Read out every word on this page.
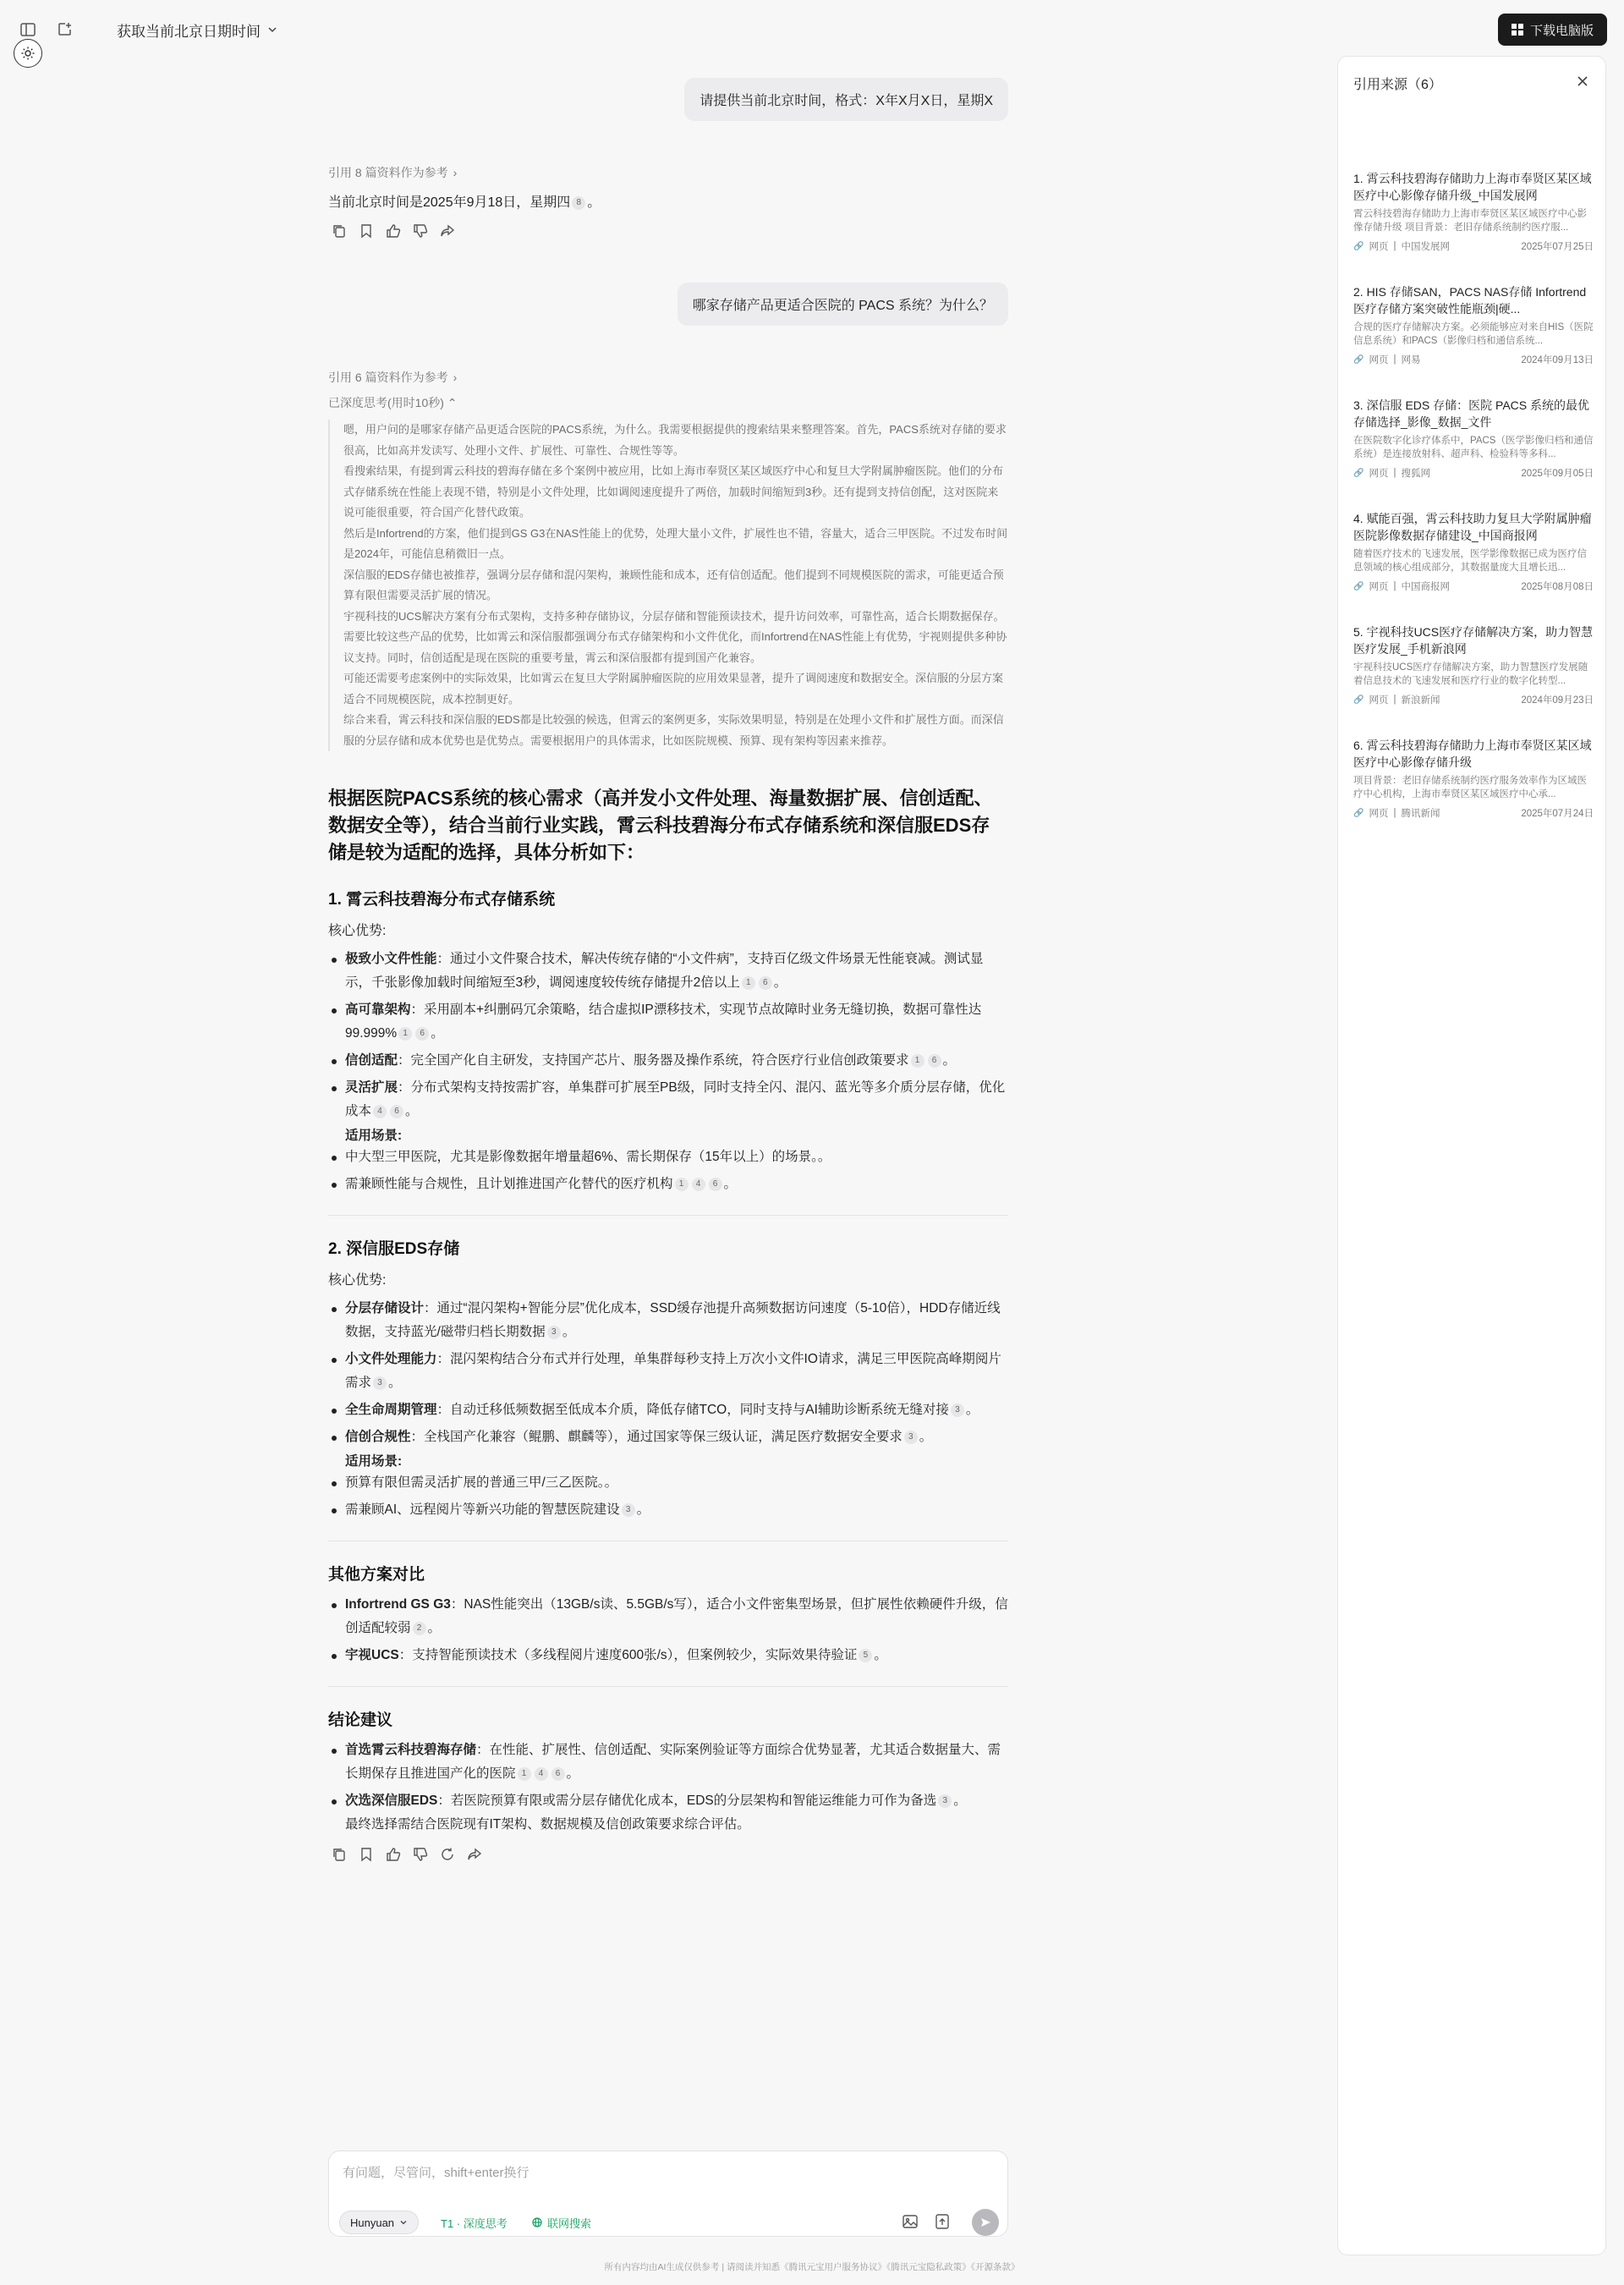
获取当前北京日期时间	下载电脑版
请提供当前北京时间，格式：X年X月X日，星期X
引用 8 篇资料作为参考 ›
当前北京时间是2025年9月18日，星期四 8 。
哪家存储产品更适合医院的 PACS 系统？为什么？
引用 6 篇资料作为参考 ›
已深度思考(用时10秒) ⌃

嗯，用户问的是哪家存储产品更适合医院的PACS系统，为什么。我需要根据提供的搜索结果来整理答案。首先，PACS系统对存储的要求很高，比如高并发读写、处理小文件、扩展性、可靠性、合规性等等。

看搜索结果，有提到霄云科技的碧海存储在多个案例中被应用，比如上海市奉贤区某区域医疗中心和复旦大学附属肿瘤医院。他们的分布式存储系统在性能上表现不错，特别是小文件处理，比如调阅速度提升了两倍，加载时间缩短到3秒。还有提到支持信创配，这对医院来说可能很重要，符合国产化替代政策。

然后是Infortrend的方案，他们提到GS G3在NAS性能上的优势，处理大量小文件，扩展性也不错，容量大，适合三甲医院。不过发布时间是2024年，可能信息稍微旧一点。

深信服的EDS存储也被推荐，强调分层存储和混闪架构，兼顾性能和成本，还有信创适配。他们提到不同规模医院的需求，可能更适合预算有限但需要灵活扩展的情况。

宇视科技的UCS解决方案有分布式架构，支持多种存储协议，分层存储和智能预读技术，提升访问效率，可靠性高，适合长期数据保存。

需要比较这些产品的优势，比如霄云和深信服都强调分布式存储架构和小文件优化，而Infortrend在NAS性能上有优势，宇视则提供多种协议支持。同时，信创适配是现在医院的重要考量，霄云和深信服都有提到国产化兼容。

可能还需要考虑案例中的实际效果，比如霄云在复旦大学附属肿瘤医院的应用效果显著，提升了调阅速度和数据安全。深信服的分层方案适合不同规模医院，成本控制更好。

综合来看，霄云科技和深信服的EDS都是比较强的候选，但霄云的案例更多，实际效果明显，特别是在处理小文件和扩展性方面。而深信服的分层存储和成本优势也是优势点。需要根据用户的具体需求，比如医院规模、预算、现有架构等因素来推荐。

根据医院PACS系统的核心需求（高并发小文件处理、海量数据扩展、信创适配、数据安全等），结合当前行业实践，霄云科技碧海分布式存储系统和深信服EDS存储是较为适配的选择，具体分析如下：
1. 霄云科技碧海分布式存储系统
核心优势:
极致小文件性能：通过小文件聚合技术，解决传统存储的“小文件病”，支持百亿级文件场景无性能衰减。测试显示，千张影像加载时间缩短至3秒，调阅速度较传统存储提升2倍以上 1 6 。
高可靠架构：采用副本+纠删码冗余策略，结合虚拟IP漂移技术，实现节点故障时业务无缝切换，数据可靠性达99.999% 1 6 。
信创适配：完全国产化自主研发，支持国产芯片、服务器及操作系统，符合医疗行业信创政策要求 1 6 。
灵活扩展：分布式架构支持按需扩容，单集群可扩展至PB级，同时支持全闪、混闪、蓝光等多介质分层存储，优化成本 4 6 。
适用场景:
中大型三甲医院，尤其是影像数据年增量超6%、需长期保存（15年以上）的场景。。
需兼顾性能与合规性，且计划推进国产化替代的医疗机构 1 4 6 。
2. 深信服EDS存储
核心优势:
分层存储设计：通过“混闪架构+智能分层”优化成本，SSD缓存池提升高频数据访问速度（5-10倍），HDD存储近线数据，支持蓝光/磁带归档长期数据 3 。
小文件处理能力：混闪架构结合分布式并行处理，单集群每秒支持上万次小文件IO请求，满足三甲医院高峰期阅片需求 3 。
全生命周期管理：自动迁移低频数据至低成本介质，降低存储TCO，同时支持与AI辅助诊断系统无缝对接 3 。
信创合规性：全栈国产化兼容（鲲鹏、麒麟等），通过国家等保三级认证，满足医疗数据安全要求 3 。
适用场景:
预算有限但需灵活扩展的普通三甲/三乙医院。。
需兼顾AI、远程阅片等新兴功能的智慧医院建设 3 。
其他方案对比
Infortrend GS G3：NAS性能突出（13GB/s读、5.5GB/s写），适合小文件密集型场景，但扩展性依赖硬件升级，信创适配较弱 2 。
宇视UCS：支持智能预读技术（多线程阅片速度600张/s），但案例较少，实际效果待验证 5 。
结论建议
首选霄云科技碧海存储：在性能、扩展性、信创适配、实际案例验证等方面综合优势显著，尤其适合数据量大、需长期保存且推进国产化的医院 1 4 6 。
次选深信服EDS：若医院预算有限或需分层存储优化成本，EDS的分层架构和智能运维能力可作为备选 3 。
最终选择需结合医院现有IT架构、数据规模及信创政策要求综合评估。
有问题，尽管问，shift+enter换行
Hunyuan	T1 · 深度思考	联网搜索
所有内容均由AI生成仅供参考 | 请阅读并知悉《腾讯元宝用户服务协议》《腾讯元宝隐私政策》《开源条款》
引用来源（6）
1. 霄云科技碧海存储助力上海市奉贤区某区域医疗中心影像存储升级_中国发展网
霄云科技碧海存储助力上海市奉贤区某区域医疗中心影像存储升级 项目背景：老旧存储系统制约医疗服...
🔗 网页 | 中国发展网	2025年07月25日
2. HIS 存储SAN，PACS NAS存储 Infortrend医疗存储方案突破性能瓶颈|硬...
合规的医疗存储解决方案。必须能够应对来自HIS（医院信息系统）和PACS（影像归档和通信系统...
🔗 网页 | 网易	2024年09月13日
3. 深信服 EDS 存储：医院 PACS 系统的最优存储选择_影像_数据_文件
在医院数字化诊疗体系中，PACS（医学影像归档和通信系统）是连接放射科、超声科、检验科等多科...
🔗 网页 | 搜狐网	2025年09月05日
4. 赋能百强，霄云科技助力复旦大学附属肿瘤医院影像数据存储建设_中国商报网
随着医疗技术的飞速发展，医学影像数据已成为医疗信息领域的核心组成部分，其数据量庞大且增长迅...
🔗 网页 | 中国商报网	2025年08月08日
5. 宇视科技UCS医疗存储解决方案，助力智慧医疗发展_手机新浪网
宇视科技UCS医疗存储解决方案，助力智慧医疗发展随着信息技术的飞速发展和医疗行业的数字化转型...
🔗 网页 | 新浪新闻	2024年09月23日
6. 霄云科技碧海存储助力上海市奉贤区某区域医疗中心影像存储升级
项目背景：老旧存储系统制约医疗服务效率作为区域医疗中心机构，上海市奉贤区某区域医疗中心承...
🔗 网页 | 腾讯新闻	2025年07月24日
